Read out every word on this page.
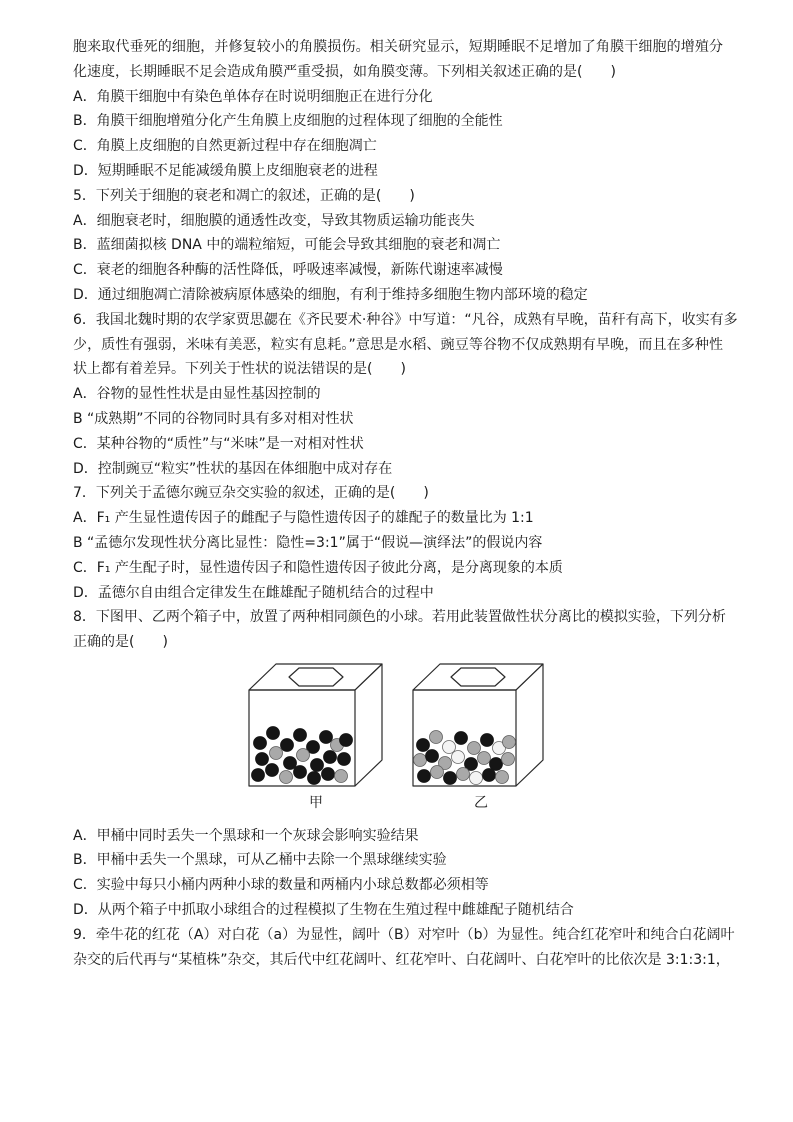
胞来取代垂死的细胞，并修复较小的角膜损伤。相关研究显示，短期睡眠不足增加了角膜干细胞的增殖分
化速度，长期睡眠不足会造成角膜严重受损，如角膜变薄。下列相关叙述正确的是(　　)
A．角膜干细胞中有染色单体存在时说明细胞正在进行分化
B．角膜干细胞增殖分化产生角膜上皮细胞的过程体现了细胞的全能性
C．角膜上皮细胞的自然更新过程中存在细胞凋亡
D．短期睡眠不足能减缓角膜上皮细胞衰老的进程
5．下列关于细胞的衰老和凋亡的叙述，正确的是(　　)
A．细胞衰老时，细胞膜的通透性改变，导致其物质运输功能丧失
B．蓝细菌拟核 DNA 中的端粒缩短，可能会导致其细胞的衰老和凋亡
C．衰老的细胞各种酶的活性降低，呼吸速率减慢，新陈代谢速率减慢
D．通过细胞凋亡清除被病原体感染的细胞，有利于维持多细胞生物内部环境的稳定
6．我国北魏时期的农学家贾思勰在《齐民要术·种谷》中写道：“凡谷，成熟有早晚，苗秆有高下，收实有多
少，质性有强弱，米味有美恶，粒实有息耗。”意思是水稻、豌豆等谷物不仅成熟期有早晚，而且在多种性
状上都有着差异。下列关于性状的说法错误的是(　　)
A．谷物的显性性状是由显性基因控制的
B “成熟期”不同的谷物同时具有多对相对性状
C．某种谷物的“质性”与“米味”是一对相对性状
D．控制豌豆“粒实”性状的基因在体细胞中成对存在
7．下列关于孟德尔豌豆杂交实验的叙述，正确的是(　　)
A．F₁ 产生显性遗传因子的雌配子与隐性遗传因子的雄配子的数量比为 1:1
B “孟德尔发现性状分离比显性：隐性=3:1”属于“假说—演绎法”的假说内容
C．F₁ 产生配子时，显性遗传因子和隐性遗传因子彼此分离，是分离现象的本质
D．孟德尔自由组合定律发生在雌雄配子随机结合的过程中
8．下图甲、乙两个箱子中，放置了两种相同颜色的小球。若用此装置做性状分离比的模拟实验，下列分析
正确的是(　　)
甲	乙
A．甲桶中同时丢失一个黑球和一个灰球会影响实验结果
B．甲桶中丢失一个黑球，可从乙桶中去除一个黑球继续实验
C．实验中每只小桶内两种小球的数量和两桶内小球总数都必须相等
D．从两个箱子中抓取小球组合的过程模拟了生物在生殖过程中雌雄配子随机结合
9．牵牛花的红花（A）对白花（a）为显性，阔叶（B）对窄叶（b）为显性。纯合红花窄叶和纯合白花阔叶
杂交的后代再与“某植株”杂交，其后代中红花阔叶、红花窄叶、白花阔叶、白花窄叶的比依次是 3:1:3:1，
